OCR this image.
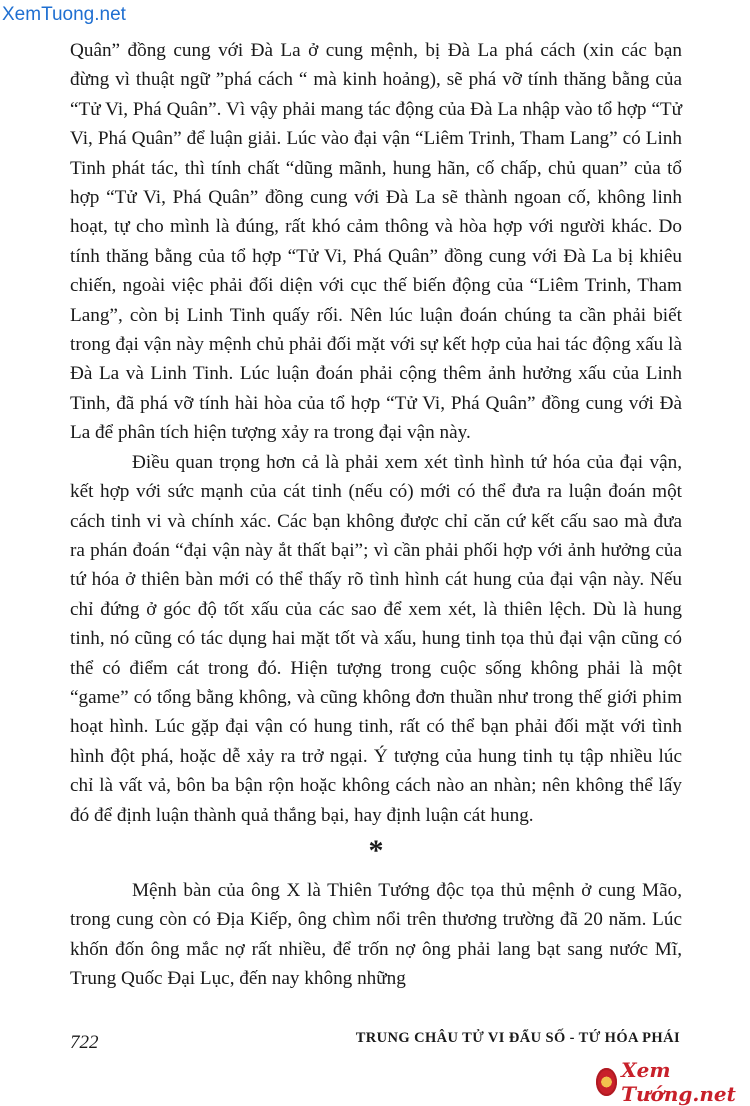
XemTuong.net

Quân” đồng cung với Đà La ở cung mệnh, bị Đà La phá cách (xin các bạn đừng vì thuật ngữ ”phá cách “ mà kinh hoảng), sẽ phá vỡ tính thăng bằng của “Tử Vi, Phá Quân”. Vì vậy phải mang tác động của Đà La nhập vào tổ hợp “Tử Vi, Phá Quân” để luận giải. Lúc vào đại vận “Liêm Trinh, Tham Lang” có Linh Tinh phát tác, thì tính chất “dũng mãnh, hung hãn, cố chấp, chủ quan” của tổ hợp “Tử Vi, Phá Quân” đồng cung với Đà La sẽ thành ngoan cố, không linh hoạt, tự cho mình là đúng, rất khó cảm thông và hòa hợp với người khác. Do tính thăng bằng của tổ hợp “Tử Vi, Phá Quân” đồng cung với Đà La bị khiêu chiến, ngoài việc phải đối diện với cục thế biến động của “Liêm Trinh, Tham Lang”, còn bị Linh Tinh quấy rối. Nên lúc luận đoán chúng ta cần phải biết trong đại vận này mệnh chủ phải đối mặt với sự kết hợp của hai tác động xấu là Đà La và Linh Tinh. Lúc luận đoán phải cộng thêm ảnh hưởng xấu của Linh Tinh, đã phá vỡ tính hài hòa của tổ hợp “Tử Vi, Phá Quân” đồng cung với Đà La để phân tích hiện tượng xảy ra trong đại vận này.

Điều quan trọng hơn cả là phải xem xét tình hình tứ hóa của đại vận, kết hợp với sức mạnh của cát tinh (nếu có) mới có thể đưa ra luận đoán một cách tinh vi và chính xác. Các bạn không được chỉ căn cứ kết cấu sao mà đưa ra phán đoán “đại vận này ắt thất bại”; vì cần phải phối hợp với ảnh hưởng của tứ hóa ở thiên bàn mới có thể thấy rõ tình hình cát hung của đại vận này. Nếu chỉ đứng ở góc độ tốt xấu của các sao để xem xét, là thiên lệch. Dù là hung tinh, nó cũng có tác dụng hai mặt tốt và xấu, hung tinh tọa thủ đại vận cũng có thể có điểm cát trong đó. Hiện tượng trong cuộc sống không phải là một “game” có tổng bằng không, và cũng không đơn thuần như trong thế giới phim hoạt hình. Lúc gặp đại vận có hung tinh, rất có thể bạn phải đối mặt với tình hình đột phá, hoặc dễ xảy ra trở ngại. Ý tượng của hung tinh tụ tập nhiều lúc chỉ là vất vả, bôn ba bận rộn hoặc không cách nào an nhàn; nên không thể lấy đó để định luận thành quả thắng bại, hay định luận cát hung.

*

Mệnh bàn của ông X là Thiên Tướng độc tọa thủ mệnh ở cung Mão, trong cung còn có Địa Kiếp, ông chìm nổi trên thương trường đã 20 năm. Lúc khốn đốn ông mắc nợ rất nhiều, để trốn nợ ông phải lang bạt sang nước Mĩ, Trung Quốc Đại Lục, đến nay không những

722	TRUNG CHÂU TỬ VI ĐẨU SỐ - TỨ HÓA PHÁI
Xem Tướng.net
